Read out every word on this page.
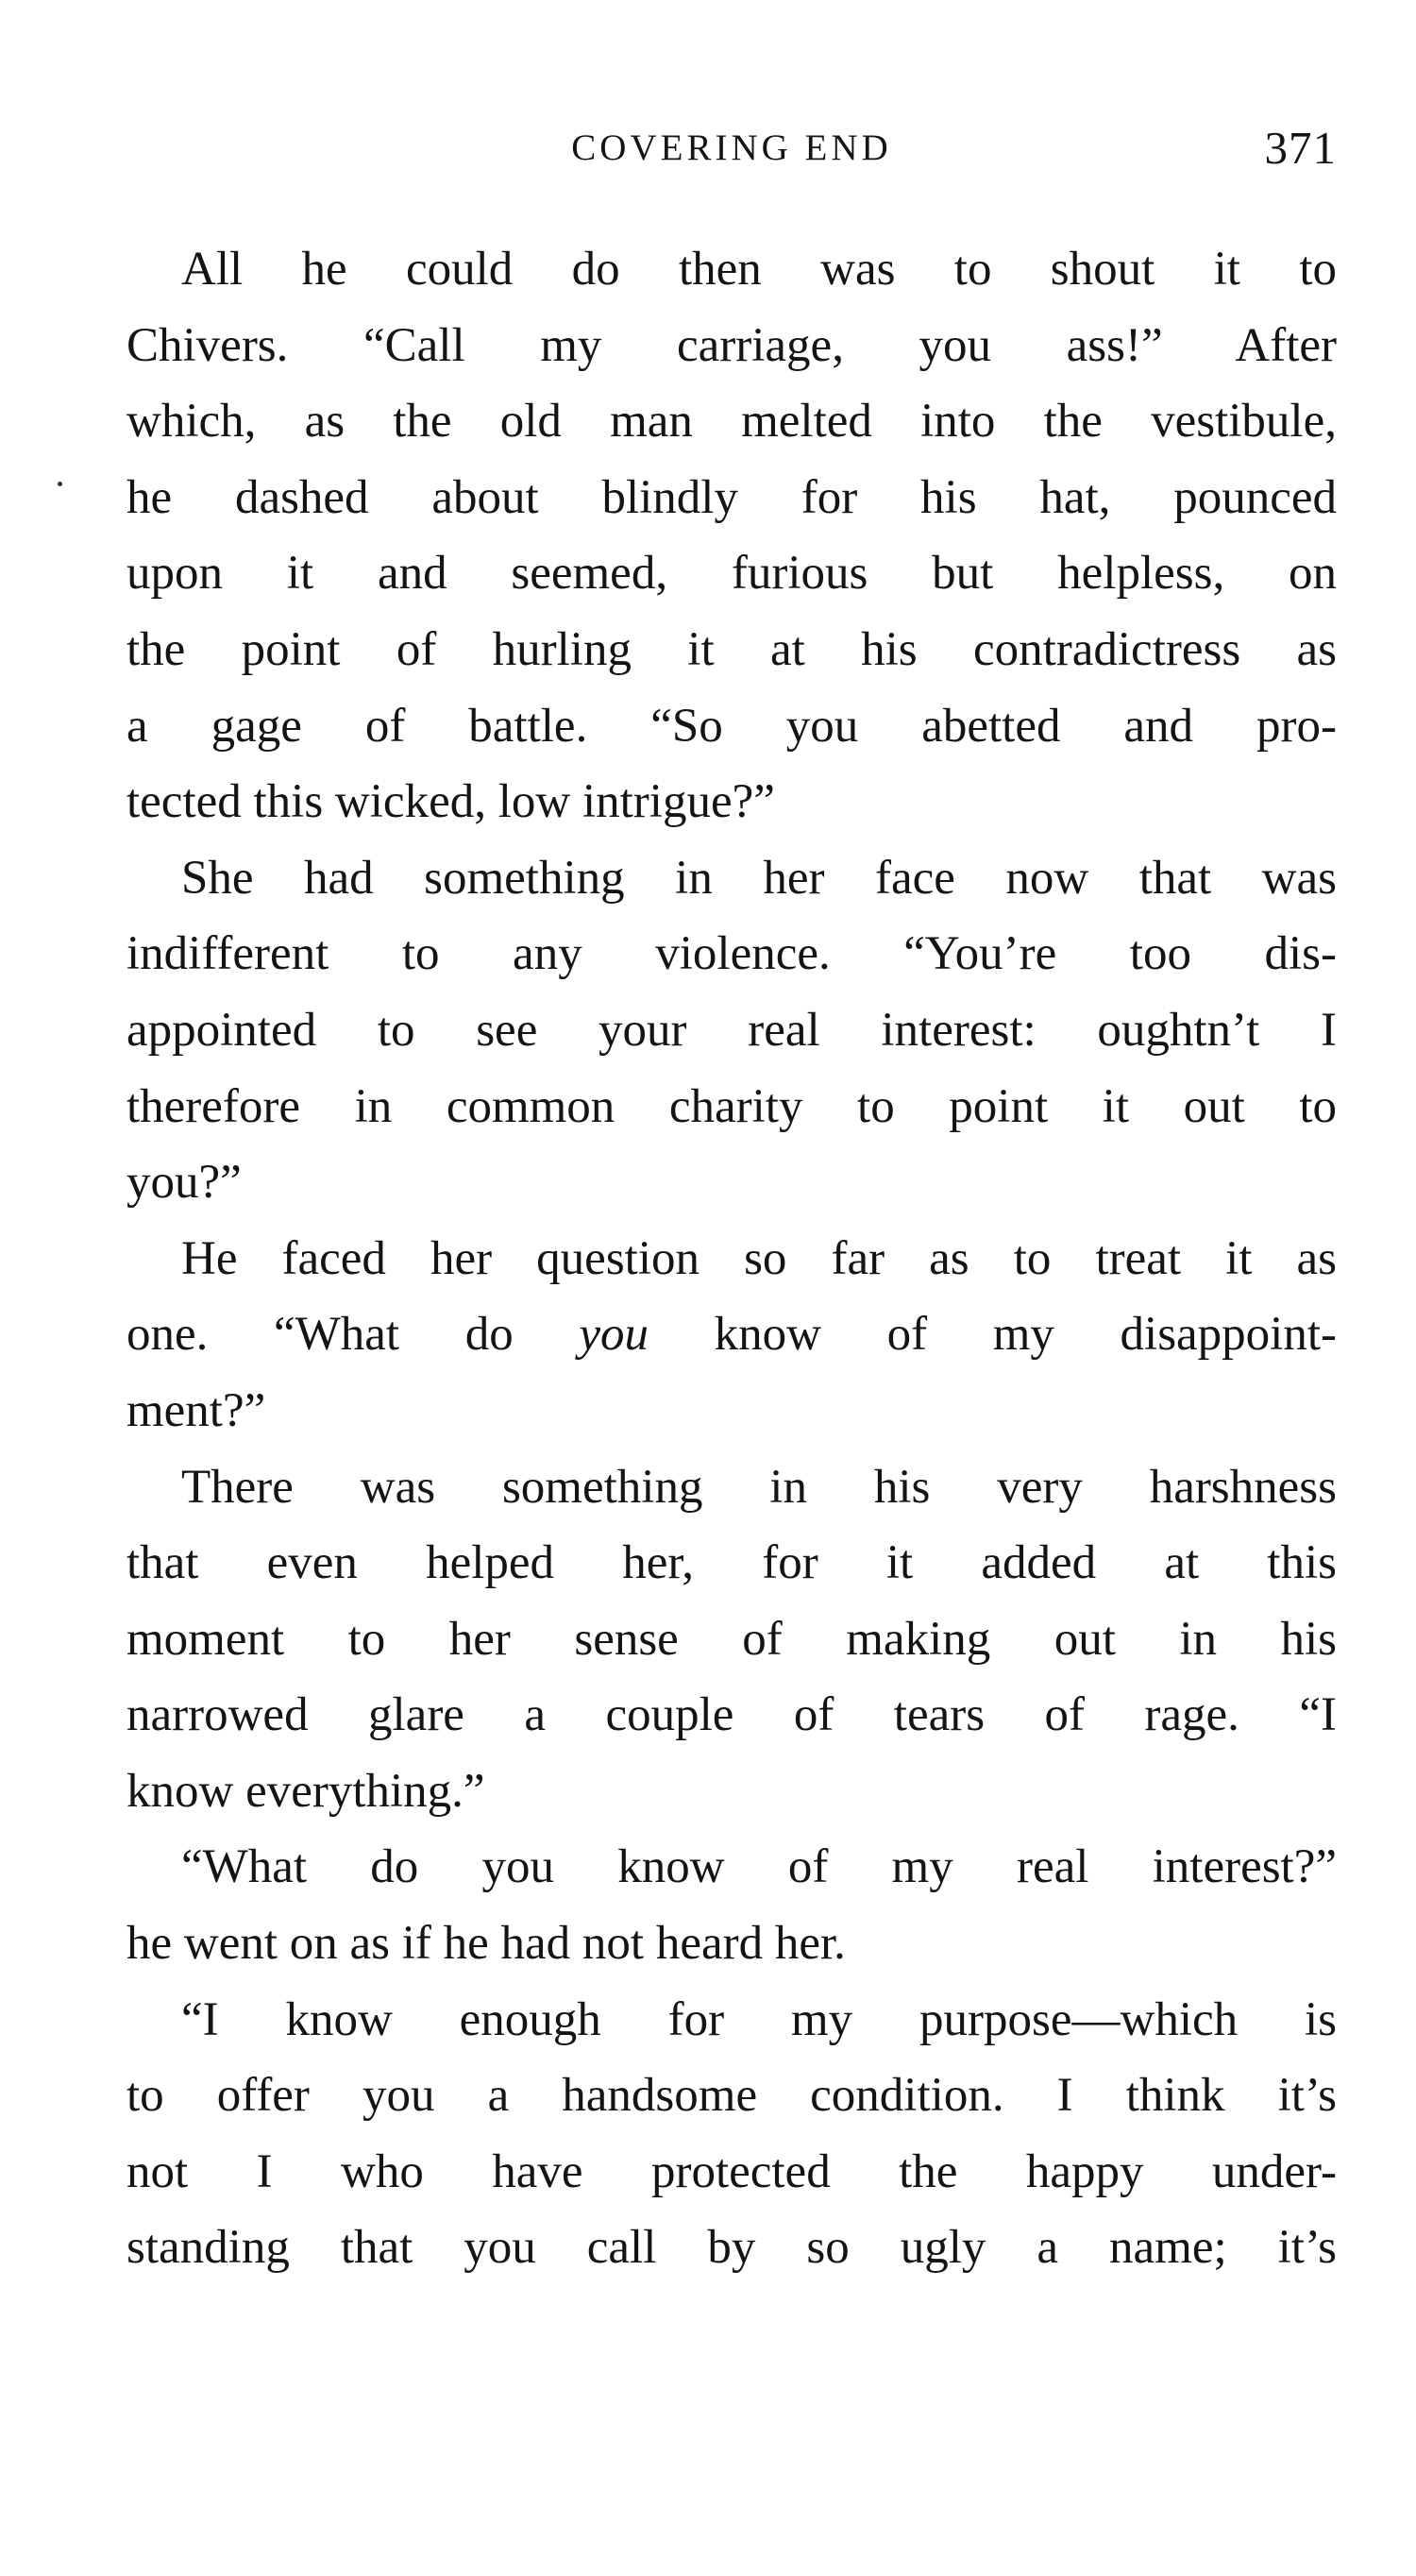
COVERING END	371
All he could do then was to shout it to
Chivers. “Call my carriage, you ass!” After
which, as the old man melted into the vestibule,
he dashed about blindly for his hat, pounced
upon it and seemed, furious but helpless, on
the point of hurling it at his contradictress as
a gage of battle. “So you abetted and pro-
tected this wicked, low intrigue?”
She had something in her face now that was
indifferent to any violence. “You’re too dis-
appointed to see your real interest: oughtn’t I
therefore in common charity to point it out to
you?”
He faced her question so far as to treat it as
one. “What do you know of my disappoint-
ment?”
There was something in his very harshness
that even helped her, for it added at this
moment to her sense of making out in his
narrowed glare a couple of tears of rage. “I
know everything.”
“What do you know of my real interest?”
he went on as if he had not heard her.
“I know enough for my purpose—which is
to offer you a handsome condition. I think it’s
not I who have protected the happy under-
standing that you call by so ugly a name; it’s
